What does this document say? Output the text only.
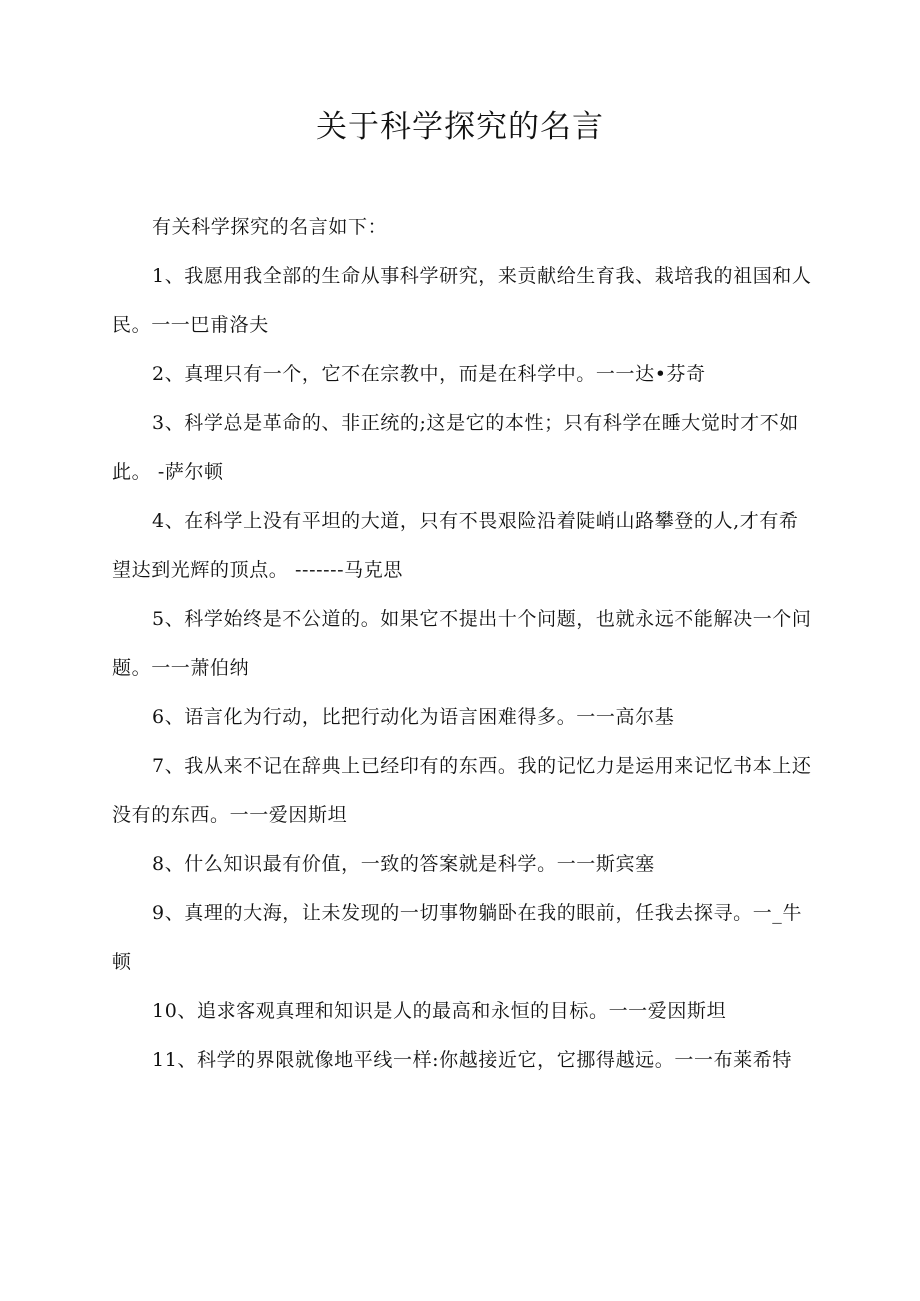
关于科学探究的名言

有关科学探究的名言如下：

1、我愿用我全部的生命从事科学研究，来贡献给生育我、栽培我的祖国和人民。一一巴甫洛夫

2、真理只有一个，它不在宗教中，而是在科学中。一一达•芬奇

3、科学总是革命的、非正统的;这是它的本性；只有科学在睡大觉时才不如此。 -萨尔顿

4、在科学上没有平坦的大道，只有不畏艰险沿着陡峭山路攀登的人,才有希望达到光辉的顶点。 -------马克思

5、科学始终是不公道的。如果它不提出十个问题，也就永远不能解决一个问题。一一萧伯纳

6、语言化为行动，比把行动化为语言困难得多。一一高尔基

7、我从来不记在辞典上已经印有的东西。我的记忆力是运用来记忆书本上还没有的东西。一一爱因斯坦

8、什么知识最有价值，一致的答案就是科学。一一斯宾塞

9、真理的大海，让未发现的一切事物躺卧在我的眼前，任我去探寻。一_牛顿

10、追求客观真理和知识是人的最高和永恒的目标。一一爱因斯坦

11、科学的界限就像地平线一样:你越接近它，它挪得越远。一一布莱希特
